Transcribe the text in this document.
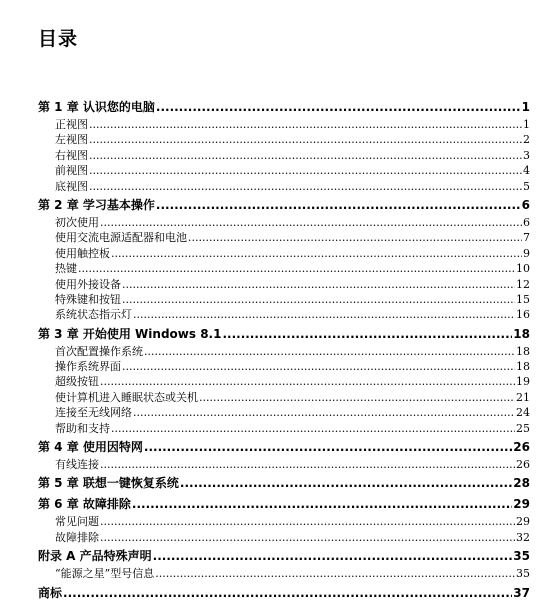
目录
第 1 章 认识您的电脑 .....	1
正视图 .....	1
左视图 .....	2
右视图 .....	3
前视图 .....	4
底视图 .....	5
第 2 章 学习基本操作 .....	6
初次使用 .....	6
使用交流电源适配器和电池 .....	7
使用触控板 .....	9
热键 .....	10
使用外接设备 .....	12
特殊键和按钮 .....	15
系统状态指示灯 .....	16
第 3 章 开始使用 Windows 8.1 .....	18
首次配置操作系统 .....	18
操作系统界面 .....	18
超级按钮 .....	19
使计算机进入睡眠状态或关机 .....	21
连接至无线网络 .....	24
帮助和支持 .....	25
第 4 章 使用因特网 .....	26
有线连接 .....	26
第 5 章 联想一键恢复系统 .....	28
第 6 章 故障排除 .....	29
常见问题 .....	29
故障排除 .....	32
附录 A 产品特殊声明 .....	35
“能源之星”型号信息 .....	35
商标 .....	37
